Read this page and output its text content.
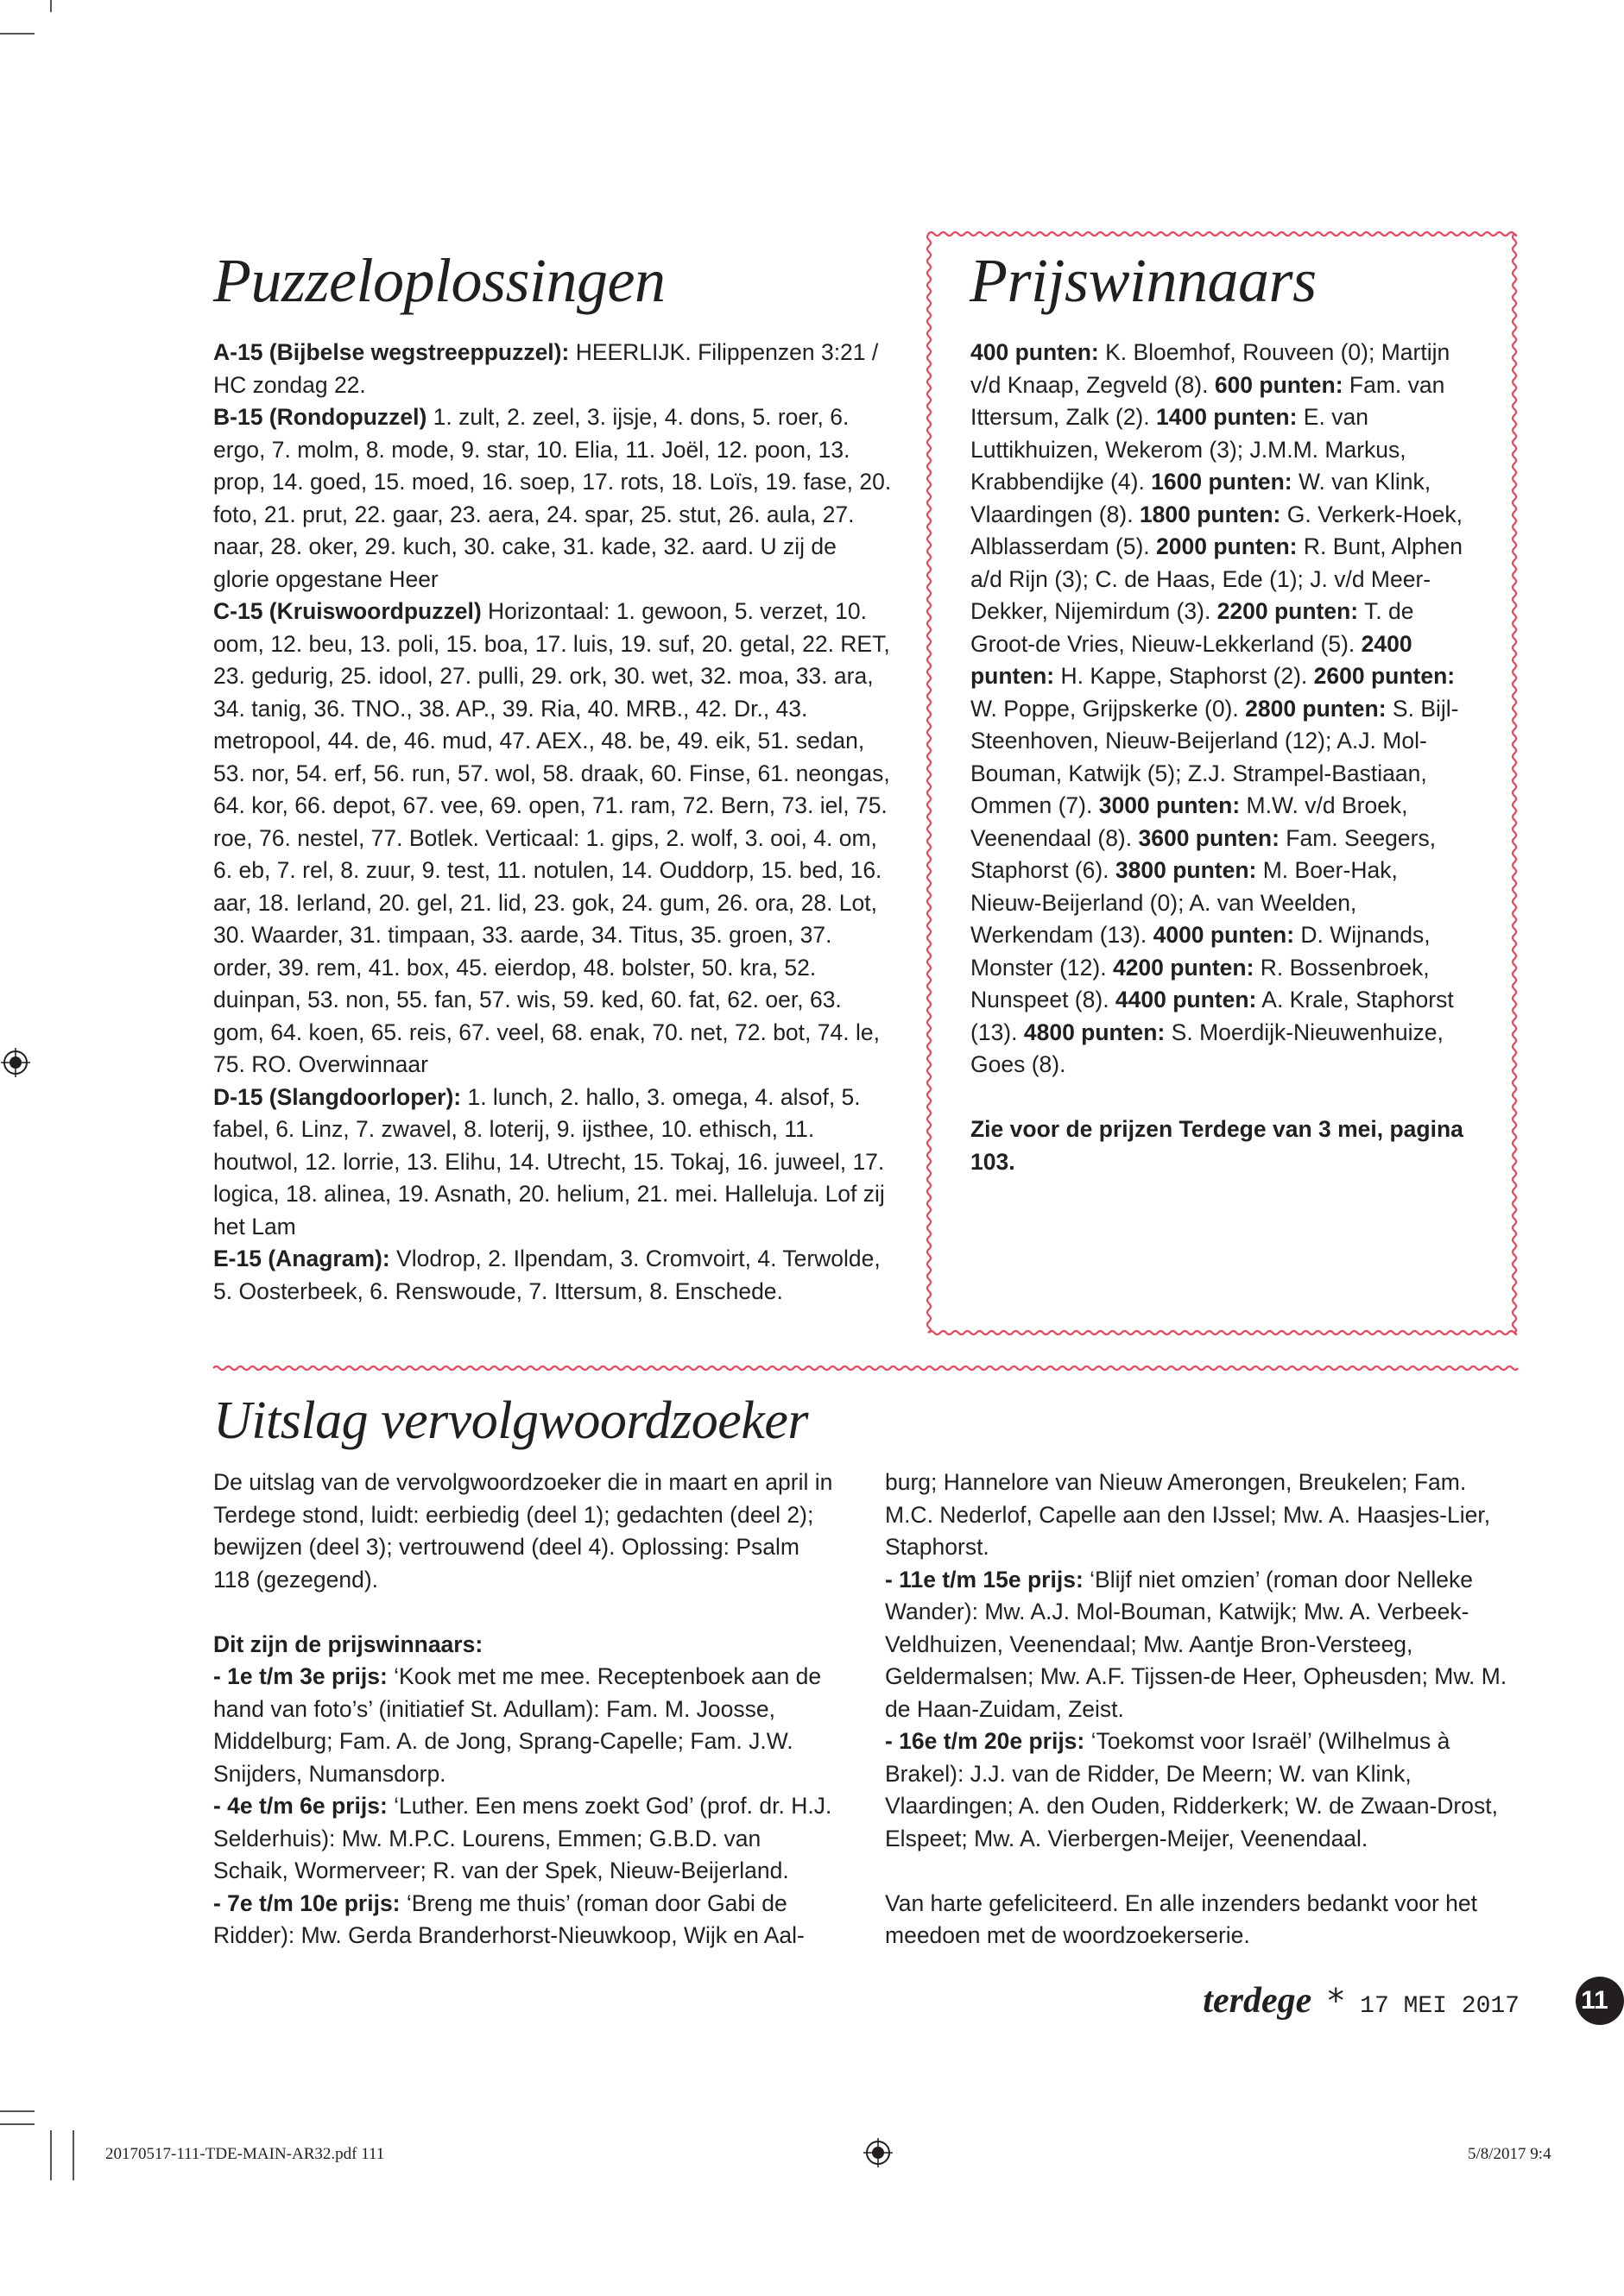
Puzzeloplossingen

A-15 (Bijbelse wegstreeppuzzel): HEERLIJK. Filippenzen 3:21 / HC zondag 22.

B-15 (Rondopuzzel) 1. zult, 2. zeel, 3. ijsje, 4. dons, 5. roer, 6. ergo, 7. molm, 8. mode, 9. star, 10. Elia, 11. Joël, 12. poon, 13. prop, 14. goed, 15. moed, 16. soep, 17. rots, 18. Loïs, 19. fase, 20. foto, 21. prut, 22. gaar, 23. aera, 24. spar, 25. stut, 26. aula, 27. naar, 28. oker, 29. kuch, 30. cake, 31. kade, 32. aard. U zij de glorie opgestane Heer

C-15 (Kruiswoordpuzzel) Horizontaal: 1. gewoon, 5. verzet, 10. oom, 12. beu, 13. poli, 15. boa, 17. luis, 19. suf, 20. getal, 22. RET, 23. gedurig, 25. idool, 27. pulli, 29. ork, 30. wet, 32. moa, 33. ara, 34. tanig, 36. TNO., 38. AP., 39. Ria, 40. MRB., 42. Dr., 43. metropool, 44. de, 46. mud, 47. AEX., 48. be, 49. eik, 51. sedan, 53. nor, 54. erf, 56. run, 57. wol, 58. draak, 60. Finse, 61. neongas, 64. kor, 66. depot, 67. vee, 69. open, 71. ram, 72. Bern, 73. iel, 75. roe, 76. nestel, 77. Botlek. Verticaal: 1. gips, 2. wolf, 3. ooi, 4. om, 6. eb, 7. rel, 8. zuur, 9. test, 11. notulen, 14. Ouddorp, 15. bed, 16. aar, 18. Ierland, 20. gel, 21. lid, 23. gok, 24. gum, 26. ora, 28. Lot, 30. Waarder, 31. timpaan, 33. aarde, 34. Titus, 35. groen, 37. order, 39. rem, 41. box, 45. eierdop, 48. bolster, 50. kra, 52. duinpan, 53. non, 55. fan, 57. wis, 59. ked, 60. fat, 62. oer, 63. gom, 64. koen, 65. reis, 67. veel, 68. enak, 70. net, 72. bot, 74. le, 75. RO. Overwinnaar

D-15 (Slangdoorloper): 1. lunch, 2. hallo, 3. omega, 4. alsof, 5. fabel, 6. Linz, 7. zwavel, 8. loterij, 9. ijsthee, 10. ethisch, 11. houtwol, 12. lorrie, 13. Elihu, 14. Utrecht, 15. Tokaj, 16. juweel, 17. logica, 18. alinea, 19. Asnath, 20. helium, 21. mei. Halleluja. Lof zij het Lam

E-15 (Anagram): Vlodrop, 2. Ilpendam, 3. Cromvoirt, 4. Terwolde, 5. Oosterbeek, 6. Renswoude, 7. Ittersum, 8. Enschede.

Prijswinnaars

400 punten: K. Bloemhof, Rouveen (0); Martijn v/d Knaap, Zegveld (8). 600 punten: Fam. van Ittersum, Zalk (2). 1400 punten: E. van Luttikhuizen, Wekerom (3); J.M.M. Markus, Krabbendijke (4). 1600 punten: W. van Klink, Vlaardingen (8). 1800 punten: G. Verkerk-Hoek, Alblasserdam (5). 2000 punten: R. Bunt, Alphen a/d Rijn (3); C. de Haas, Ede (1); J. v/d Meer-Dekker, Nijemirdum (3). 2200 punten: T. de Groot-de Vries, Nieuw-Lekkerland (5). 2400 punten: H. Kappe, Staphorst (2). 2600 punten: W. Poppe, Grijpskerke (0). 2800 punten: S. Bijl-Steenhoven, Nieuw-Beijerland (12); A.J. Mol-Bouman, Katwijk (5); Z.J. Strampel-Bastiaan, Ommen (7). 3000 punten: M.W. v/d Broek, Veenendaal (8). 3600 punten: Fam. Seegers, Staphorst (6). 3800 punten: M. Boer-Hak, Nieuw-Beijerland (0); A. van Weelden, Werkendam (13). 4000 punten: D. Wijnands, Monster (12). 4200 punten: R. Bossenbroek, Nunspeet (8). 4400 punten: A. Krale, Staphorst (13). 4800 punten: S. Moerdijk-Nieuwenhuize, Goes (8).

Zie voor de prijzen Terdege van 3 mei, pagina 103.

Uitslag vervolgwoordzoeker

De uitslag van de vervolgwoordzoeker die in maart en april in Terdege stond, luidt: eerbiedig (deel 1); gedachten (deel 2); bewijzen (deel 3); vertrouwend (deel 4). Oplossing: Psalm 118 (gezegend).

Dit zijn de prijswinnaars:

- 1e t/m 3e prijs: ‘Kook met me mee. Receptenboek aan de hand van foto’s’ (initiatief St. Adullam): Fam. M. Joosse, Middelburg; Fam. A. de Jong, Sprang-Capelle; Fam. J.W. Snijders, Numansdorp.

- 4e t/m 6e prijs: ‘Luther. Een mens zoekt God’ (prof. dr. H.J. Selderhuis): Mw. M.P.C. Lourens, Emmen; G.B.D. van Schaik, Wormerveer; R. van der Spek, Nieuw-Beijerland.

- 7e t/m 10e prijs: ‘Breng me thuis’ (roman door Gabi de Ridder): Mw. Gerda Branderhorst-Nieuwkoop, Wijk en Aal-

burg; Hannelore van Nieuw Amerongen, Breukelen; Fam. M.C. Nederlof, Capelle aan den IJssel; Mw. A. Haasjes-Lier, Staphorst.

- 11e t/m 15e prijs: ‘Blijf niet omzien’ (roman door Nelleke Wander): Mw. A.J. Mol-Bouman, Katwijk; Mw. A. Verbeek-Veldhuizen, Veenendaal; Mw. Aantje Bron-Versteeg, Geldermalsen; Mw. A.F. Tijssen-de Heer, Opheusden; Mw. M. de Haan-Zuidam, Zeist.

- 16e t/m 20e prijs: ‘Toekomst voor Israël’ (Wilhelmus à Brakel): J.J. van de Ridder, De Meern; W. van Klink, Vlaardingen; A. den Ouden, Ridderkerk; W. de Zwaan-Drost, Elspeet; Mw. A. Vierbergen-Meijer, Veenendaal.

Van harte gefeliciteerd. En alle inzenders bedankt voor het meedoen met de woordzoekerserie.

terdege * 17 MEI 2017 11
20170517-111-TDE-MAIN-AR32.pdf 111	5/8/2017 9:4
